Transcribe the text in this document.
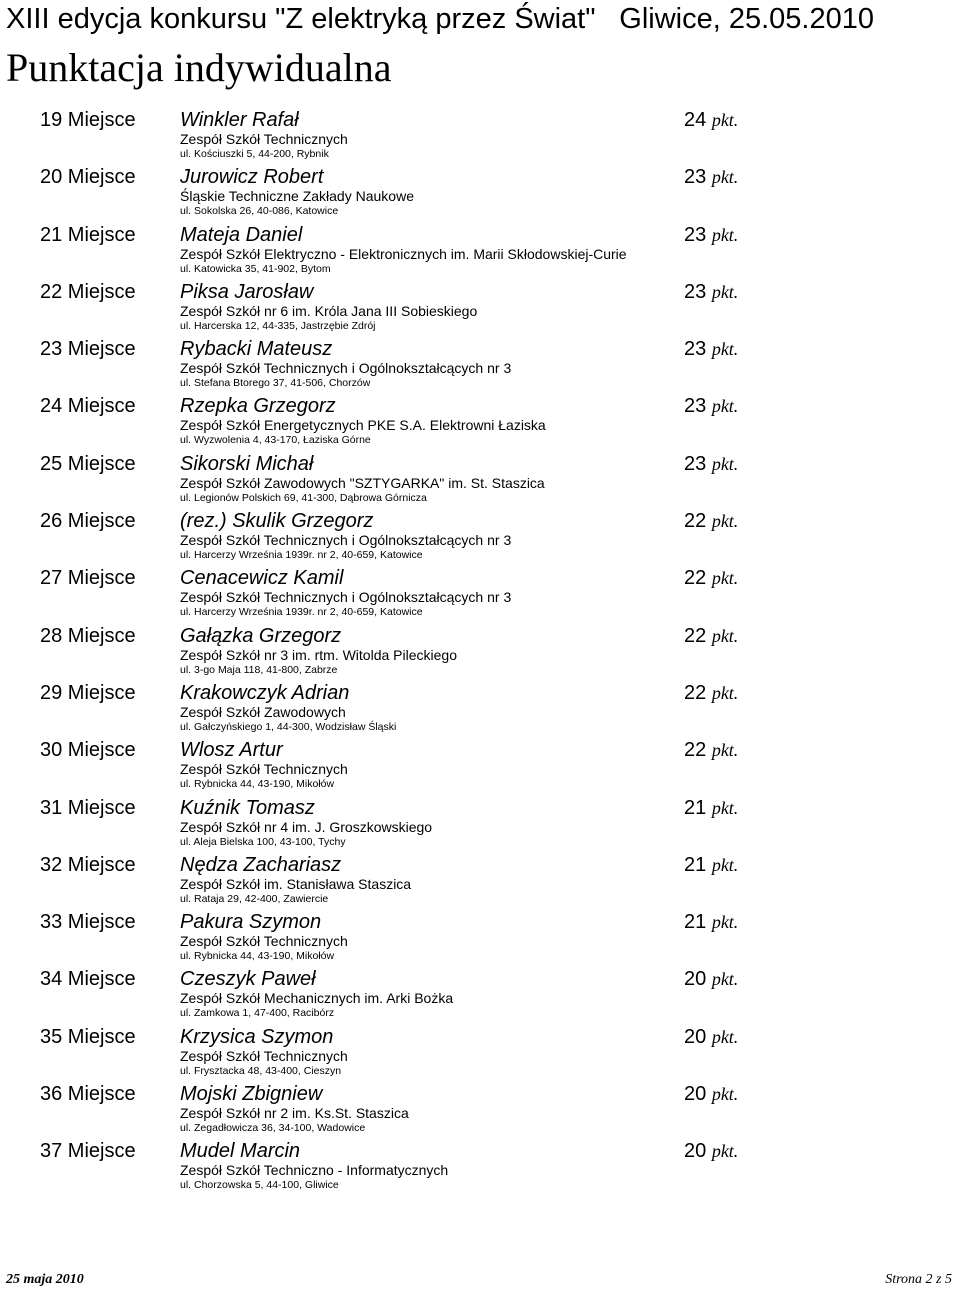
XIII edycja konkursu "Z elektryką przez Świat" Gliwice, 25.05.2010
Punktacja indywidualna
19 Miejsce Winkler Rafał	24 pkt.
Zespół Szkół Technicznych
ul. Kościuszki 5, 44-200, Rybnik
20 Miejsce Jurowicz Robert	23 pkt.
Śląskie Techniczne Zakłady Naukowe
ul. Sokolska 26, 40-086, Katowice
21 Miejsce Mateja Daniel	23 pkt.
Zespół Szkół Elektryczno - Elektronicznych im. Marii Skłodowskiej-Curie
ul. Katowicka 35, 41-902, Bytom
22 Miejsce Piksa Jarosław	23 pkt.
Zespół Szkół nr 6 im. Króla Jana III Sobieskiego
ul. Harcerska 12, 44-335, Jastrzębie Zdrój
23 Miejsce Rybacki Mateusz	23 pkt.
Zespół Szkół Technicznych i Ogólnokształcących nr 3
ul. Stefana Btorego 37, 41-506, Chorzów
24 Miejsce Rzepka Grzegorz	23 pkt.
Zespół Szkół Energetycznych PKE S.A. Elektrowni Łaziska
ul. Wyzwolenia 4, 43-170, Łaziska Górne
25 Miejsce Sikorski Michał	23 pkt.
Zespół Szkół Zawodowych "SZTYGARKA" im. St. Staszica
ul. Legionów Polskich 69, 41-300, Dąbrowa Górnicza
26 Miejsce (rez.) Skulik Grzegorz	22 pkt.
Zespół Szkół Technicznych i Ogólnokształcących nr 3
ul. Harcerzy Września 1939r. nr 2, 40-659, Katowice
27 Miejsce Cenacewicz Kamil	22 pkt.
Zespół Szkół Technicznych i Ogólnokształcących nr 3
ul. Harcerzy Września 1939r. nr 2, 40-659, Katowice
28 Miejsce Gałązka Grzegorz	22 pkt.
Zespół Szkół nr 3 im. rtm. Witolda Pileckiego
ul. 3-go Maja 118, 41-800, Zabrze
29 Miejsce Krakowczyk Adrian	22 pkt.
Zespół Szkół Zawodowych
ul. Gałczyńskiego 1, 44-300, Wodzisław Śląski
30 Miejsce Wlosz Artur	22 pkt.
Zespół Szkół Technicznych
ul. Rybnicka 44, 43-190, Mikołów
31 Miejsce Kuźnik Tomasz	21 pkt.
Zespół Szkół nr 4 im. J. Groszkowskiego
ul. Aleja Bielska 100, 43-100, Tychy
32 Miejsce Nędza Zachariasz	21 pkt.
Zespół Szkół im. Stanisława Staszica
ul. Rataja 29, 42-400, Zawiercie
33 Miejsce Pakura Szymon	21 pkt.
Zespół Szkół Technicznych
ul. Rybnicka 44, 43-190, Mikołów
34 Miejsce Czeszyk Paweł	20 pkt.
Zespół Szkół Mechanicznych im. Arki Bożka
ul. Zamkowa 1, 47-400, Racibórz
35 Miejsce Krzysica Szymon	20 pkt.
Zespół Szkół Technicznych
ul. Frysztacka 48, 43-400, Cieszyn
36 Miejsce Mojski Zbigniew	20 pkt.
Zespół Szkół nr 2 im. Ks.St. Staszica
ul. Zegadłowicza 36, 34-100, Wadowice
37 Miejsce Mudel Marcin	20 pkt.
Zespół Szkół Techniczno - Informatycznych
ul. Chorzowska 5, 44-100, Gliwice
25 maja 2010	Strona 2 z 5
